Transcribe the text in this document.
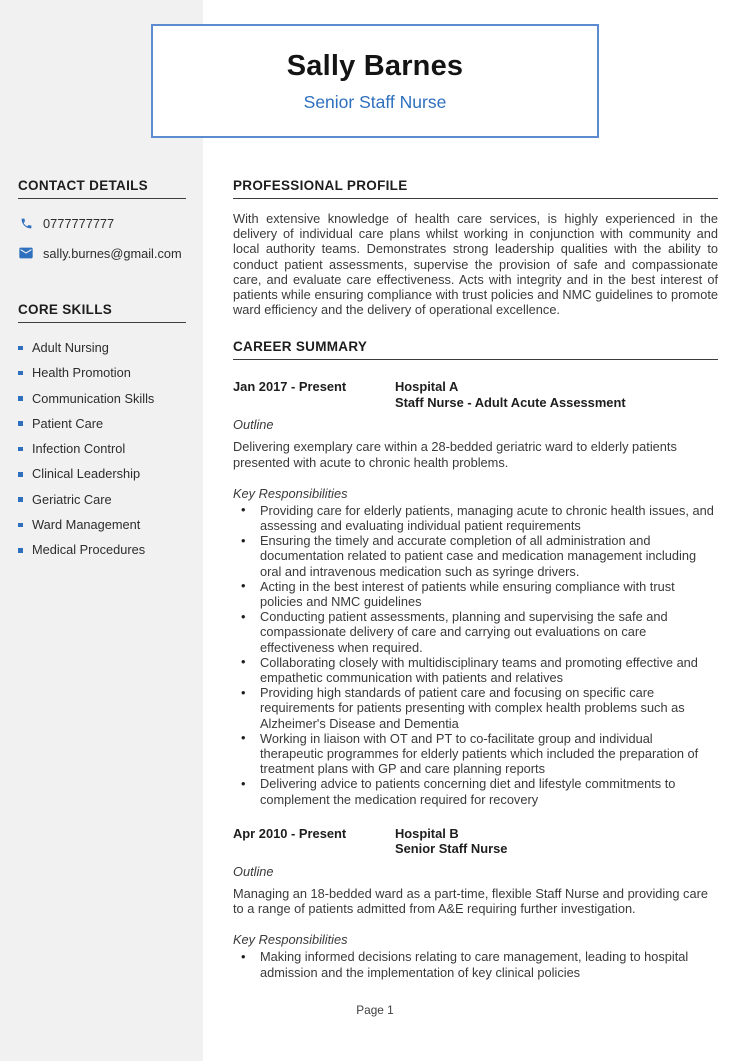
Sally Barnes
Senior Staff Nurse
CONTACT DETAILS
0777777777
sally.burnes@gmail.com
CORE SKILLS
Adult Nursing
Health Promotion
Communication Skills
Patient Care
Infection Control
Clinical Leadership
Geriatric Care
Ward Management
Medical Procedures
PROFESSIONAL PROFILE

With extensive knowledge of health care services, is highly experienced in the delivery of individual care plans whilst working in conjunction with community and local authority teams. Demonstrates strong leadership qualities with the ability to conduct patient assessments, supervise the provision of safe and compassionate care, and evaluate care effectiveness. Acts with integrity and in the best interest of patients while ensuring compliance with trust policies and NMC guidelines to promote ward efficiency and the delivery of operational excellence.

CAREER SUMMARY
Jan 2017 - Present	Hospital A
Staff Nurse - Adult Acute Assessment
Outline

Delivering exemplary care within a 28-bedded geriatric ward to elderly patients presented with acute to chronic health problems.

Key Responsibilities
• Providing care for elderly patients, managing acute to chronic health issues, and assessing and evaluating individual patient requirements
• Ensuring the timely and accurate completion of all administration and documentation related to patient case and medication management including oral and intravenous medication such as syringe drivers.
• Acting in the best interest of patients while ensuring compliance with trust policies and NMC guidelines
• Conducting patient assessments, planning and supervising the safe and compassionate delivery of care and carrying out evaluations on care effectiveness when required.
• Collaborating closely with multidisciplinary teams and promoting effective and empathetic communication with patients and relatives
• Providing high standards of patient care and focusing on specific care requirements for patients presenting with complex health problems such as Alzheimer's Disease and Dementia
• Working in liaison with OT and PT to co-facilitate group and individual therapeutic programmes for elderly patients which included the preparation of treatment plans with GP and care planning reports
• Delivering advice to patients concerning diet and lifestyle commitments to complement the medication required for recovery
Apr 2010 - Present	Hospital B
Senior Staff Nurse
Outline

Managing an 18-bedded ward as a part-time, flexible Staff Nurse and providing care to a range of patients admitted from A&E requiring further investigation.

Key Responsibilities
• Making informed decisions relating to care management, leading to hospital admission and the implementation of key clinical policies
Page 1
